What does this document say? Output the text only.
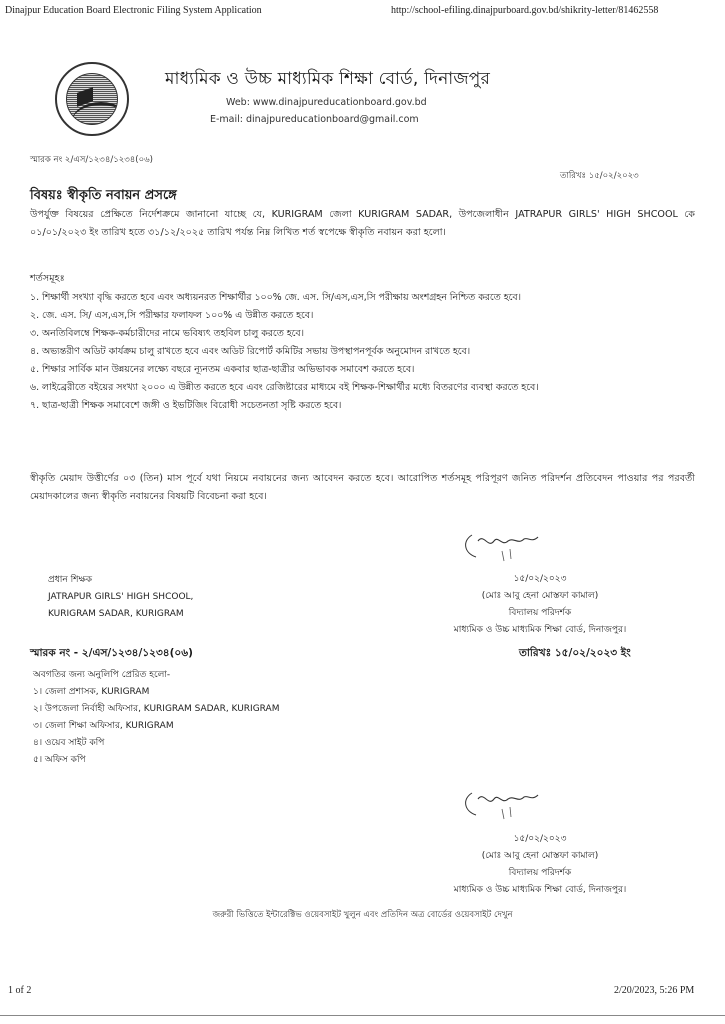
Dinajpur Education Board Electronic Filing System Application	http://school-efiling.dinajpurboard.gov.bd/shikrity-letter/81462558
মাধ্যমিক ও উচ্চ মাধ্যমিক শিক্ষা বোর্ড, দিনাজপুর
Web: www.dinajpureducationboard.gov.bd
E-mail: dinajpureducationboard@gmail.com
স্মারক নং ২/এস/১২৩৪/১২৩৪(০৬)
তারিখঃ ১৫/০২/২০২৩
বিষয়ঃ স্বীকৃতি নবায়ন প্রসঙ্গে
উপর্যুক্ত বিষয়ের প্রেক্ষিতে নির্দেশক্রমে জানানো যাচ্ছে যে, KURIGRAM জেলা KURIGRAM SADAR, উপজেলাধীন JATRAPUR GIRLS' HIGH SHCOOL কে ০১/০১/২০২৩ ইং তারিখ হতে ৩১/১২/২০২৫ তারিখ পর্যন্ত নিম্ন লিখিত শর্ত স্বপেক্ষে স্বীকৃতি নবায়ন করা হলো।
শর্তসমূহঃ
১. শিক্ষার্থী সংখ্যা বৃদ্ধি করতে হবে এবং অধ্যয়নরত শিক্ষার্থীর ১০০% জে. এস. সি/এস,এস,সি পরীক্ষায় অংশগ্রহন নিশ্চিত করতে হবে।
২. জে. এস. সি/ এস,এস,সি পরীক্ষার ফলাফল ১০০% এ উন্নীত করতে হবে।
৩. অনতিবিলম্বে শিক্ষক-কর্মচারীদের নামে ভবিষ্যৎ তহবিল চালু করতে হবে।
৪. অভ্যন্তরীণ অডিট কার্যক্রম চালু রাখতে হবে এবং অডিট রিপোর্ট কমিটির সভায় উপস্থাপনপূর্বক অনুমোদন রাখতে হবে।
৫. শিক্ষার সার্বিক মান উন্নয়নের লক্ষ্যে বছরে ন্যূনতম একবার ছাত্র-ছাত্রীর অভিভাবক সমাবেশ করতে হবে।
৬. লাইব্রেরীতে বইয়ের সংখ্যা ২০০০ এ উন্নীত করতে হবে এবং রেজিষ্টারের মাধ্যমে বই শিক্ষক-শিক্ষার্থীর মধ্যে বিতরণের ব্যবস্থা করতে হবে।
৭. ছাত্র-ছাত্রী শিক্ষক সমাবেশে জঙ্গী ও ইভটিজিং বিরোধী সচেতনতা সৃষ্টি করতে হবে।
স্বীকৃতি মেয়াদ উত্তীর্ণের ০৩ (তিন) মাস পূর্বে যথা নিয়মে নবায়নের জন্য আবেদন করতে হবে। আরোপিত শর্তসমূহ পরিপূরণ জনিত পরিদর্শন প্রতিবেদন পাওয়ার পর পরবর্তী মেয়াদকালের জন্য স্বীকৃতি নবায়নের বিষয়টি বিবেচনা করা হবে।
প্রধান শিক্ষক
JATRAPUR GIRLS' HIGH SHCOOL,
KURIGRAM SADAR, KURIGRAM
১৫/০২/২০২৩
(মোঃ আবু হেনা মোস্তফা কামাল)
বিদ্যালয় পরিদর্শক
মাধ্যমিক ও উচ্চ মাধ্যমিক শিক্ষা বোর্ড, দিনাজপুর।
স্মারক নং - ২/এস/১২৩৪/১২৩৪(০৬)	তারিখঃ ১৫/০২/২০২৩ ইং
অবগতির জন্য অনুলিপি প্রেরিত হলো-
১। জেলা প্রশাসক, KURIGRAM
২। উপজেলা নির্বাহী অফিসার, KURIGRAM SADAR, KURIGRAM
৩। জেলা শিক্ষা অফিসার, KURIGRAM
৪। ওয়েব সাইট কপি
৫। অফিস কপি
১৫/০২/২০২৩
(মোঃ আবু হেনা মোস্তফা কামাল)
বিদ্যালয় পরিদর্শক
মাধ্যমিক ও উচ্চ মাধ্যমিক শিক্ষা বোর্ড, দিনাজপুর।
জরুরী ভিত্তিতে ইন্টারেক্টিভ ওয়েবসাইট খুলুন এবং প্রতিদিন অত্র বোর্ডের ওয়েবসাইট দেখুন
1 of 2	2/20/2023, 5:26 PM
